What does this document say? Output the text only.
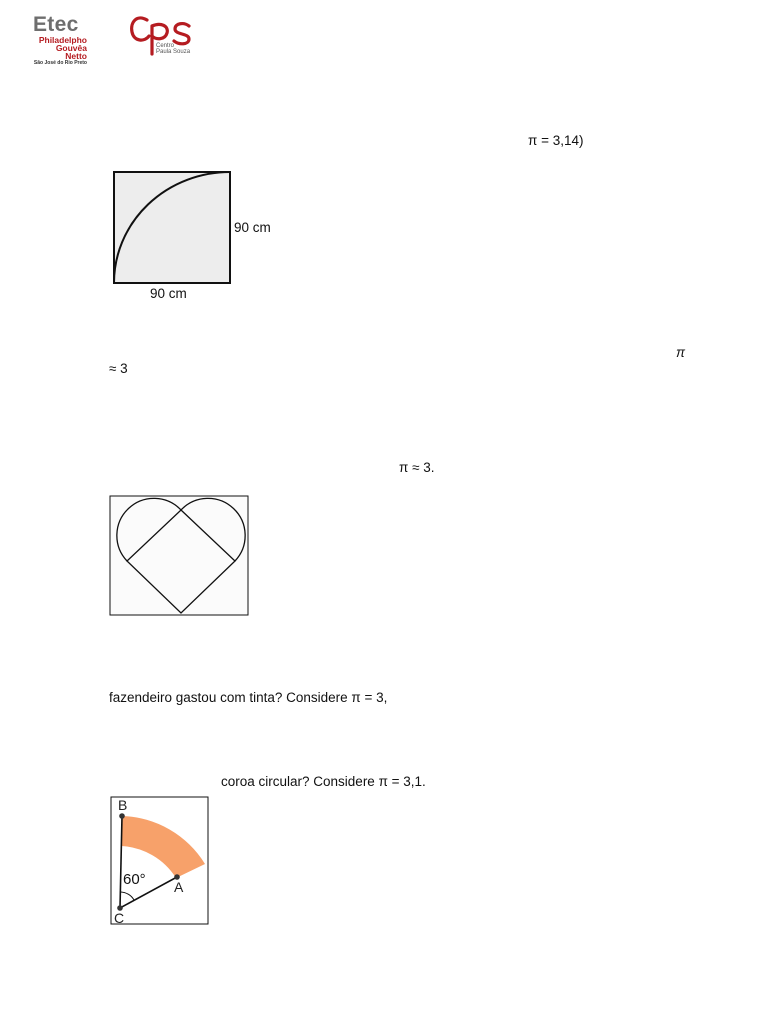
Etec
Philadelpho
Gouvêa Netto
São José do Rio Preto
Centro
Paula Souza
π = 3,14)
90 cm
90 cm
π
≈ 3
π ≈ 3.
fazendeiro gastou com tinta? Considere π = 3,
coroa circular? Considere π = 3,1.
B
A
C
60°
